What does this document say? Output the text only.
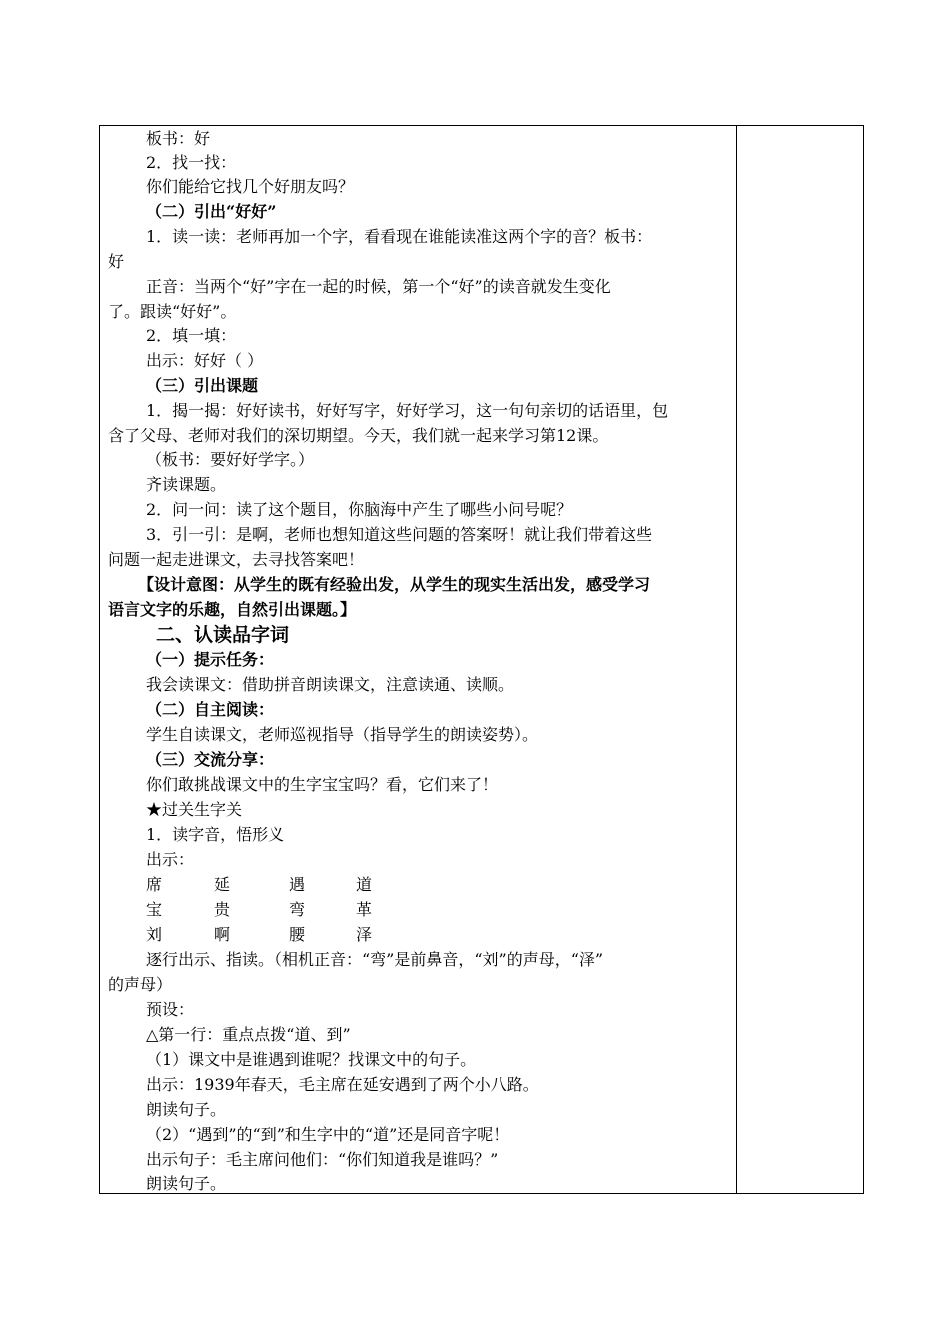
板书：好
2．找一找：
你们能给它找几个好朋友吗？
（二）引出“好好”
1．读一读：老师再加一个字，看看现在谁能读准这两个字的音？板书：
好
正音：当两个“好”字在一起的时候，第一个“好”的读音就发生变化
了。跟读“好好”。
2．填一填：
出示：好好（ ）
（三）引出课题
1．揭一揭：好好读书，好好写字，好好学习，这一句句亲切的话语里，包
含了父母、老师对我们的深切期望。今天，我们就一起来学习第12课。
（板书：要好好学字。）
齐读课题。
2．问一问：读了这个题目，你脑海中产生了哪些小问号呢？
3．引一引：是啊，老师也想知道这些问题的答案呀！就让我们带着这些
问题一起走进课文，去寻找答案吧！
【设计意图：从学生的既有经验出发，从学生的现实生活出发，感受学习
语言文字的乐趣，自然引出课题。】
二、认读品字词
（一）提示任务：
我会读课文：借助拼音朗读课文，注意读通、读顺。
（二）自主阅读：
学生自读课文，老师巡视指导（指导学生的朗读姿势）。
（三）交流分享：
你们敢挑战课文中的生字宝宝吗？看，它们来了！
★过关生字关
1．读字音，悟形义
出示：
席	延	遇	道
宝	贵	弯	革
刘	啊	腰	泽
逐行出示、指读。（相机正音：“弯”是前鼻音，“刘”的声母，“泽”
的声母）
预设：
△第一行：重点点拨“道、到”
（1）课文中是谁遇到谁呢？找课文中的句子。
出示：1939年春天，毛主席在延安遇到了两个小八路。
朗读句子。
（2）“遇到”的“到”和生字中的“道”还是同音字呢！
出示句子：毛主席问他们：“你们知道我是谁吗？”
朗读句子。
